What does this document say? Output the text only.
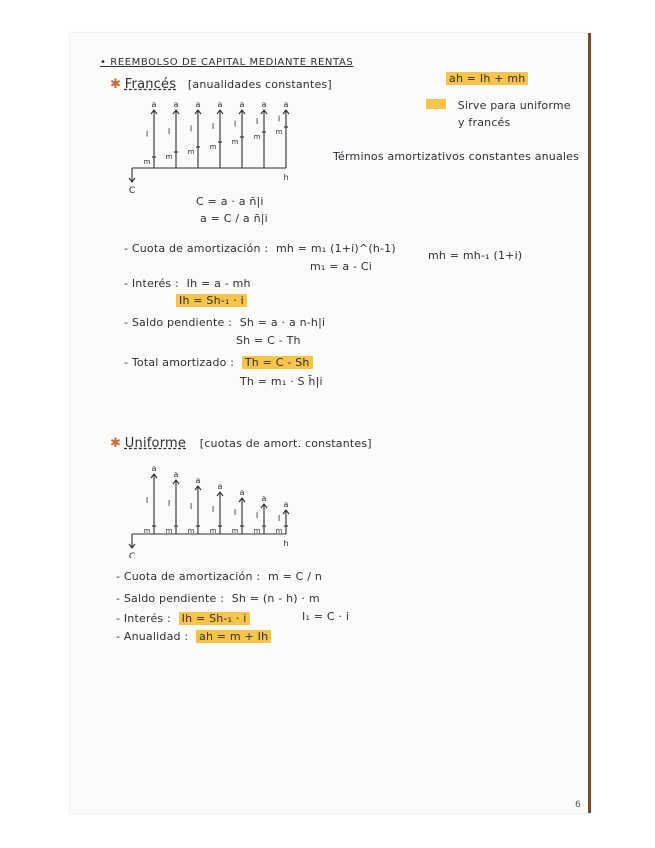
• REEMBOLSO DE CAPITAL MEDIANTE RENTAS
✱ Francés [anualidades constantes]	ah = Ih + mh
Sirve para uniforme
y francés
Términos amortizativos constantes anuales
C
h
a
I
m
a
I
m
a
I
m
a
I
m
a
I
m
a
I
m
a
I
m
C = a · a n̄|i
a = C / a n̄|i
- Cuota de amortización : mh = m₁ (1+i)^(h-1)
m₁ = a - Ci
mh = mh-₁ (1+i)
- Interés : Ih = a - mh
Ih = Sh-₁ · i
- Saldo pendiente : Sh = a · a n-h|i
Sh = C - Th
- Total amortizado : Th = C - Sh
Th = m₁ · S h̄|i
✱ Uniforme [cuotas de amort. constantes]
C
h
a
I
m
a
I
m
a
I
m
a
I
m
a
I
m
a
I
m
a
I
m
- Cuota de amortización : m = C / n
- Saldo pendiente : Sh = (n - h) · m
- Interés : Ih = Sh-₁ · i	I₁ = C · i
- Anualidad : ah = m + Ih
6
